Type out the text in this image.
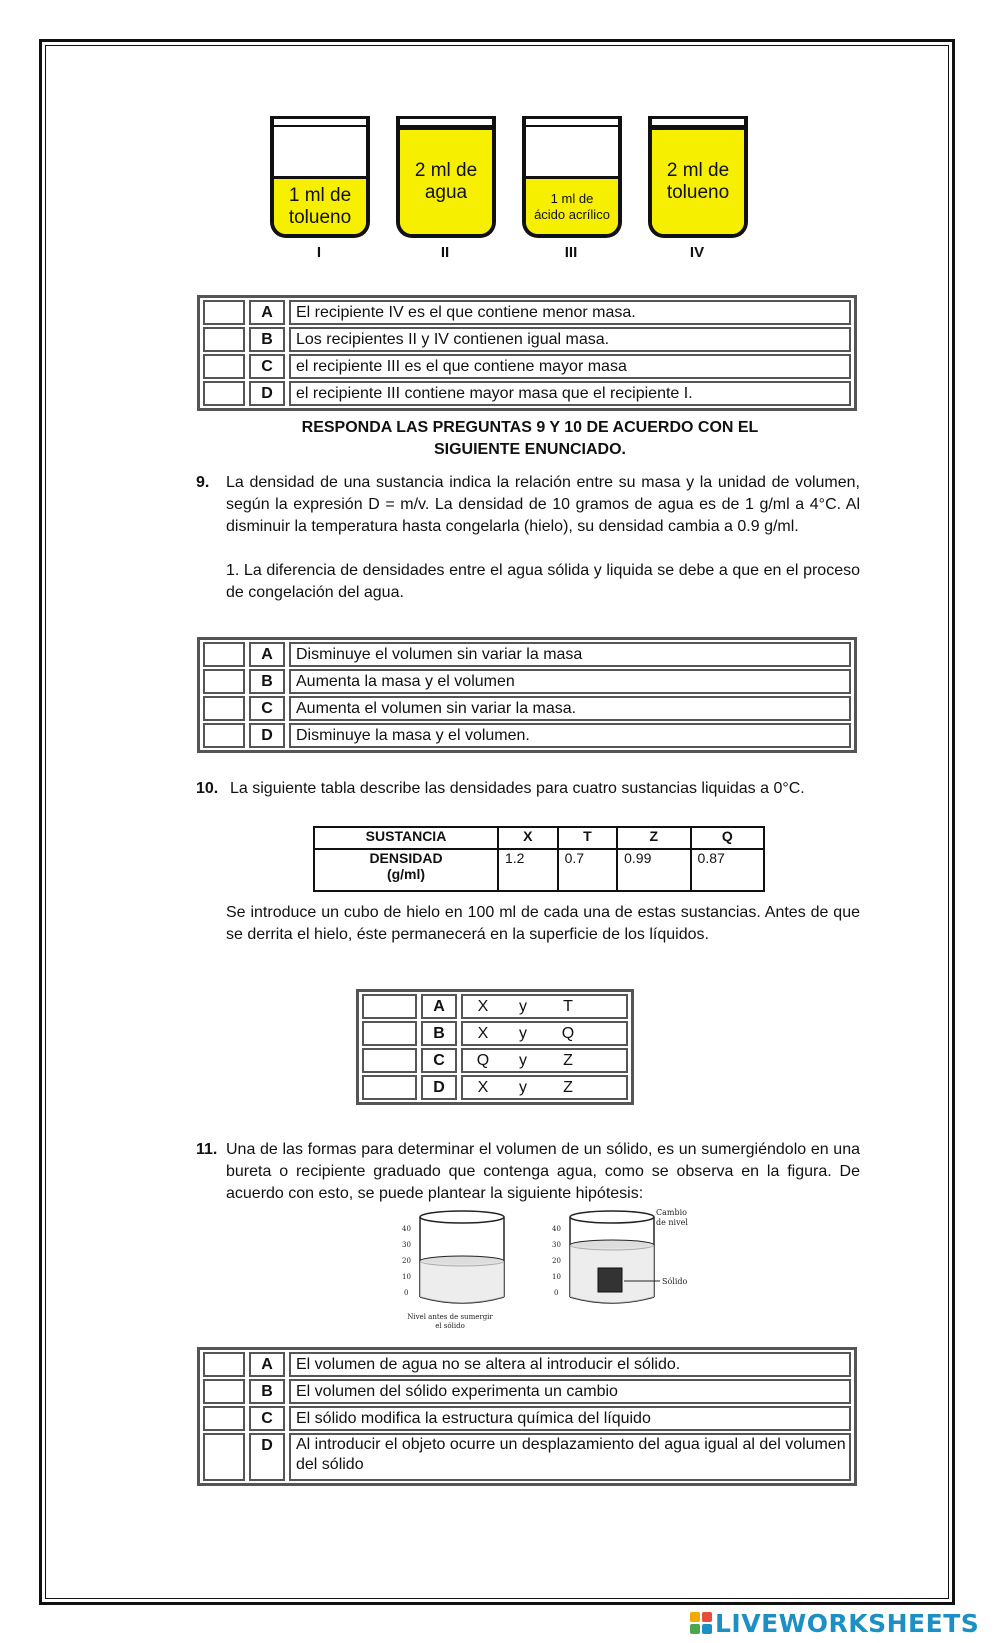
1 ml de
tolueno
I
2 ml de
agua
II
1 ml de
ácido acrílico
III
2 ml de
tolueno
IV
A	El recipiente IV es el que contiene menor masa.
B	Los recipientes II y IV contienen igual masa.
C	el recipiente III es el que contiene mayor masa
D	el recipiente III contiene mayor masa que el recipiente I.
RESPONDA LAS PREGUNTAS 9 Y 10 DE ACUERDO CON EL
SIGUIENTE ENUNCIADO.
9. La densidad de una sustancia indica la relación entre su masa y la unidad de volumen, según la expresión D = m/v. La densidad de 10 gramos de agua es de 1 g/ml a 4°C. Al disminuir la temperatura hasta congelarla (hielo), su densidad cambia a 0.9 g/ml.
1. La diferencia de densidades entre el agua sólida y liquida se debe a que en el proceso de congelación del agua.
A	Disminuye el volumen sin variar la masa
B	Aumenta la masa y el volumen
C	Aumenta el volumen sin variar la masa.
D	Disminuye la masa y el volumen.
10. La siguiente tabla describe las densidades para cuatro sustancias liquidas a 0°C.
SUSTANCIA	X	T	Z	Q

DENSIDAD
(g/ml)	1.2	0.7	0.99	0.87
Se introduce un cubo de hielo en 100 ml de cada una de estas sustancias. Antes de que se derrita el hielo, éste permanecerá en la superficie de los líquidos.
A	X	y	T
B	X	y	Q
C	Q	y	Z
D	X	y	Z
11. Una de las formas para determinar el volumen de un sólido, es un sumergiéndolo en una bureta o recipiente graduado que contenga agua, como se observa en la figura. De acuerdo con esto, se puede plantear la siguiente hipótesis:
40
30
20
10
0
Nivel antes de sumergir
el sólido
40
30
20
10
0
Cambio
de nivel
Sólido
A	El volumen de agua no se altera al introducir el sólido.
B	El volumen del sólido experimenta un cambio
C	El sólido modifica la estructura química del líquido
D	Al introducir el objeto ocurre un desplazamiento del agua igual al del volumen del sólido
LIVEWORKSHEETS
